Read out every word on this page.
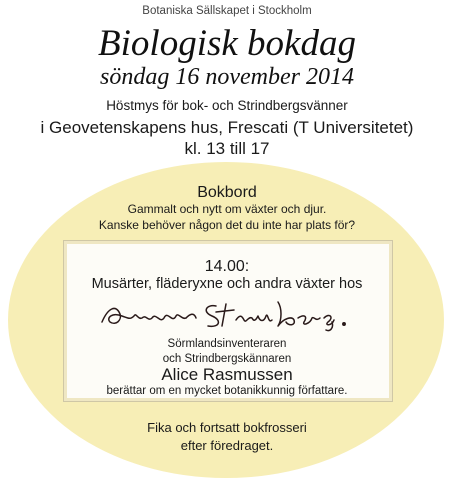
Botaniska Sällskapet i Stockholm
Biologisk bokdag
söndag 16 november 2014
Höstmys för bok- och Strindbergsvänner
i Geovetenskapens hus, Frescati (T Universitetet)
kl. 13 till 17
Bokbord
Gammalt och nytt om växter och djur.
Kanske behöver någon det du inte har plats för?
14.00:
Musärter, fläderyxne och andra växter hos
Sörmlandsinventeraren
och Strindbergskännaren
Alice Rasmussen
berättar om en mycket botanikkunnig författare.
Fika och fortsatt bokfrosseri
efter föredraget.
